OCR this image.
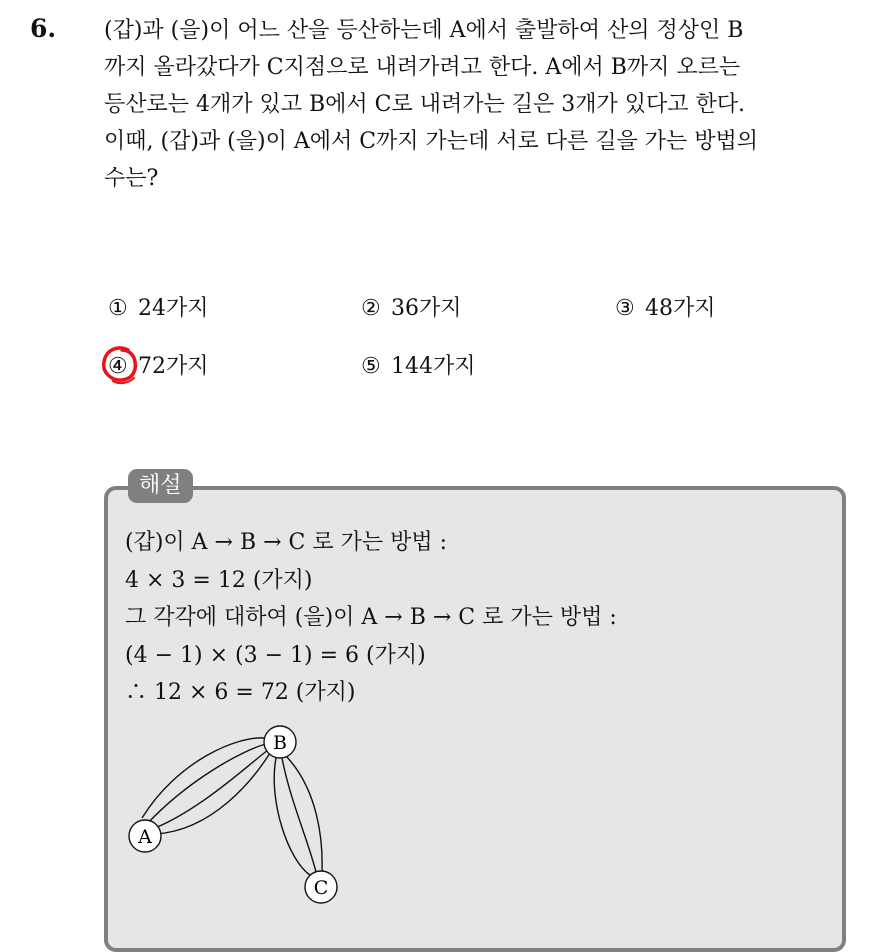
6. (갑)과 (을)이 어느 산을 등산하는데 A에서 출발하여 산의 정상인 B
까지 올라갔다가 C지점으로 내려가려고 한다. A에서 B까지 오르는
등산로는 4개가 있고 B에서 C로 내려가는 길은 3개가 있다고 한다.
이때, (갑)과 (을)이 A에서 C까지 가는데 서로 다른 길을 가는 방법의
수는?
① 24가지	② 36가지	③ 48가지
④ 72가지	⑤ 144가지
해설
(갑)이 A → B → C 로 가는 방법 :
4 × 3 = 12 (가지)
그 각각에 대하여 (을)이 A → B → C 로 가는 방법 :
(4 − 1) × (3 − 1) = 6 (가지)
∴ 12 × 6 = 72 (가지)
B
A
C
